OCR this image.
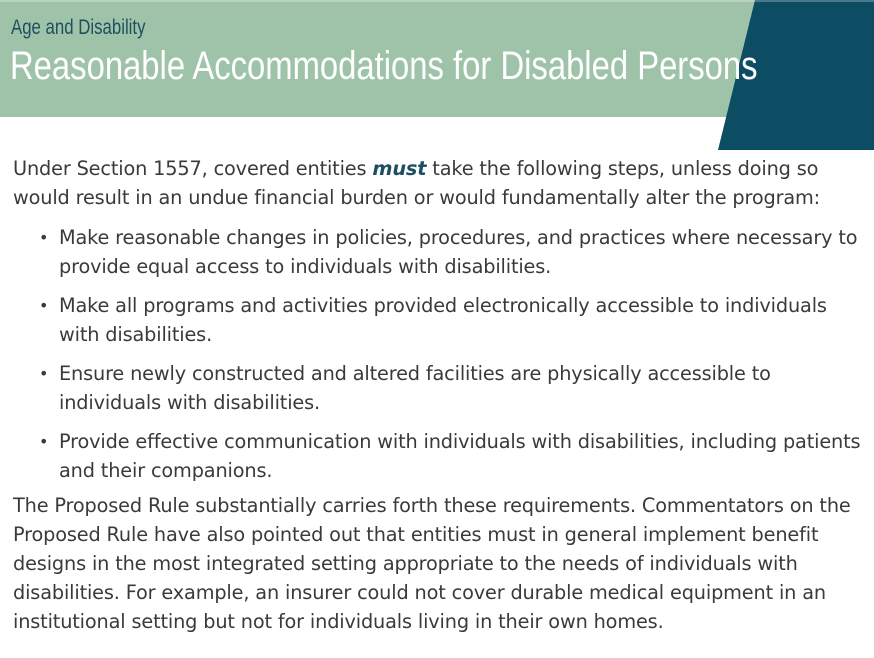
Age and Disability
Reasonable Accommodations for Disabled Persons

Under Section 1557, covered entities must take the following steps, unless doing so would result in an undue financial burden or would fundamentally alter the program:

• Make reasonable changes in policies, procedures, and practices where necessary to provide equal access to individuals with disabilities.
• Make all programs and activities provided electronically accessible to individuals with disabilities.
• Ensure newly constructed and altered facilities are physically accessible to individuals with disabilities.
• Provide effective communication with individuals with disabilities, including patients and their companions.

The Proposed Rule substantially carries forth these requirements. Commentators on the Proposed Rule have also pointed out that entities must in general implement benefit designs in the most integrated setting appropriate to the needs of individuals with disabilities. For example, an insurer could not cover durable medical equipment in an institutional setting but not for individuals living in their own homes.
